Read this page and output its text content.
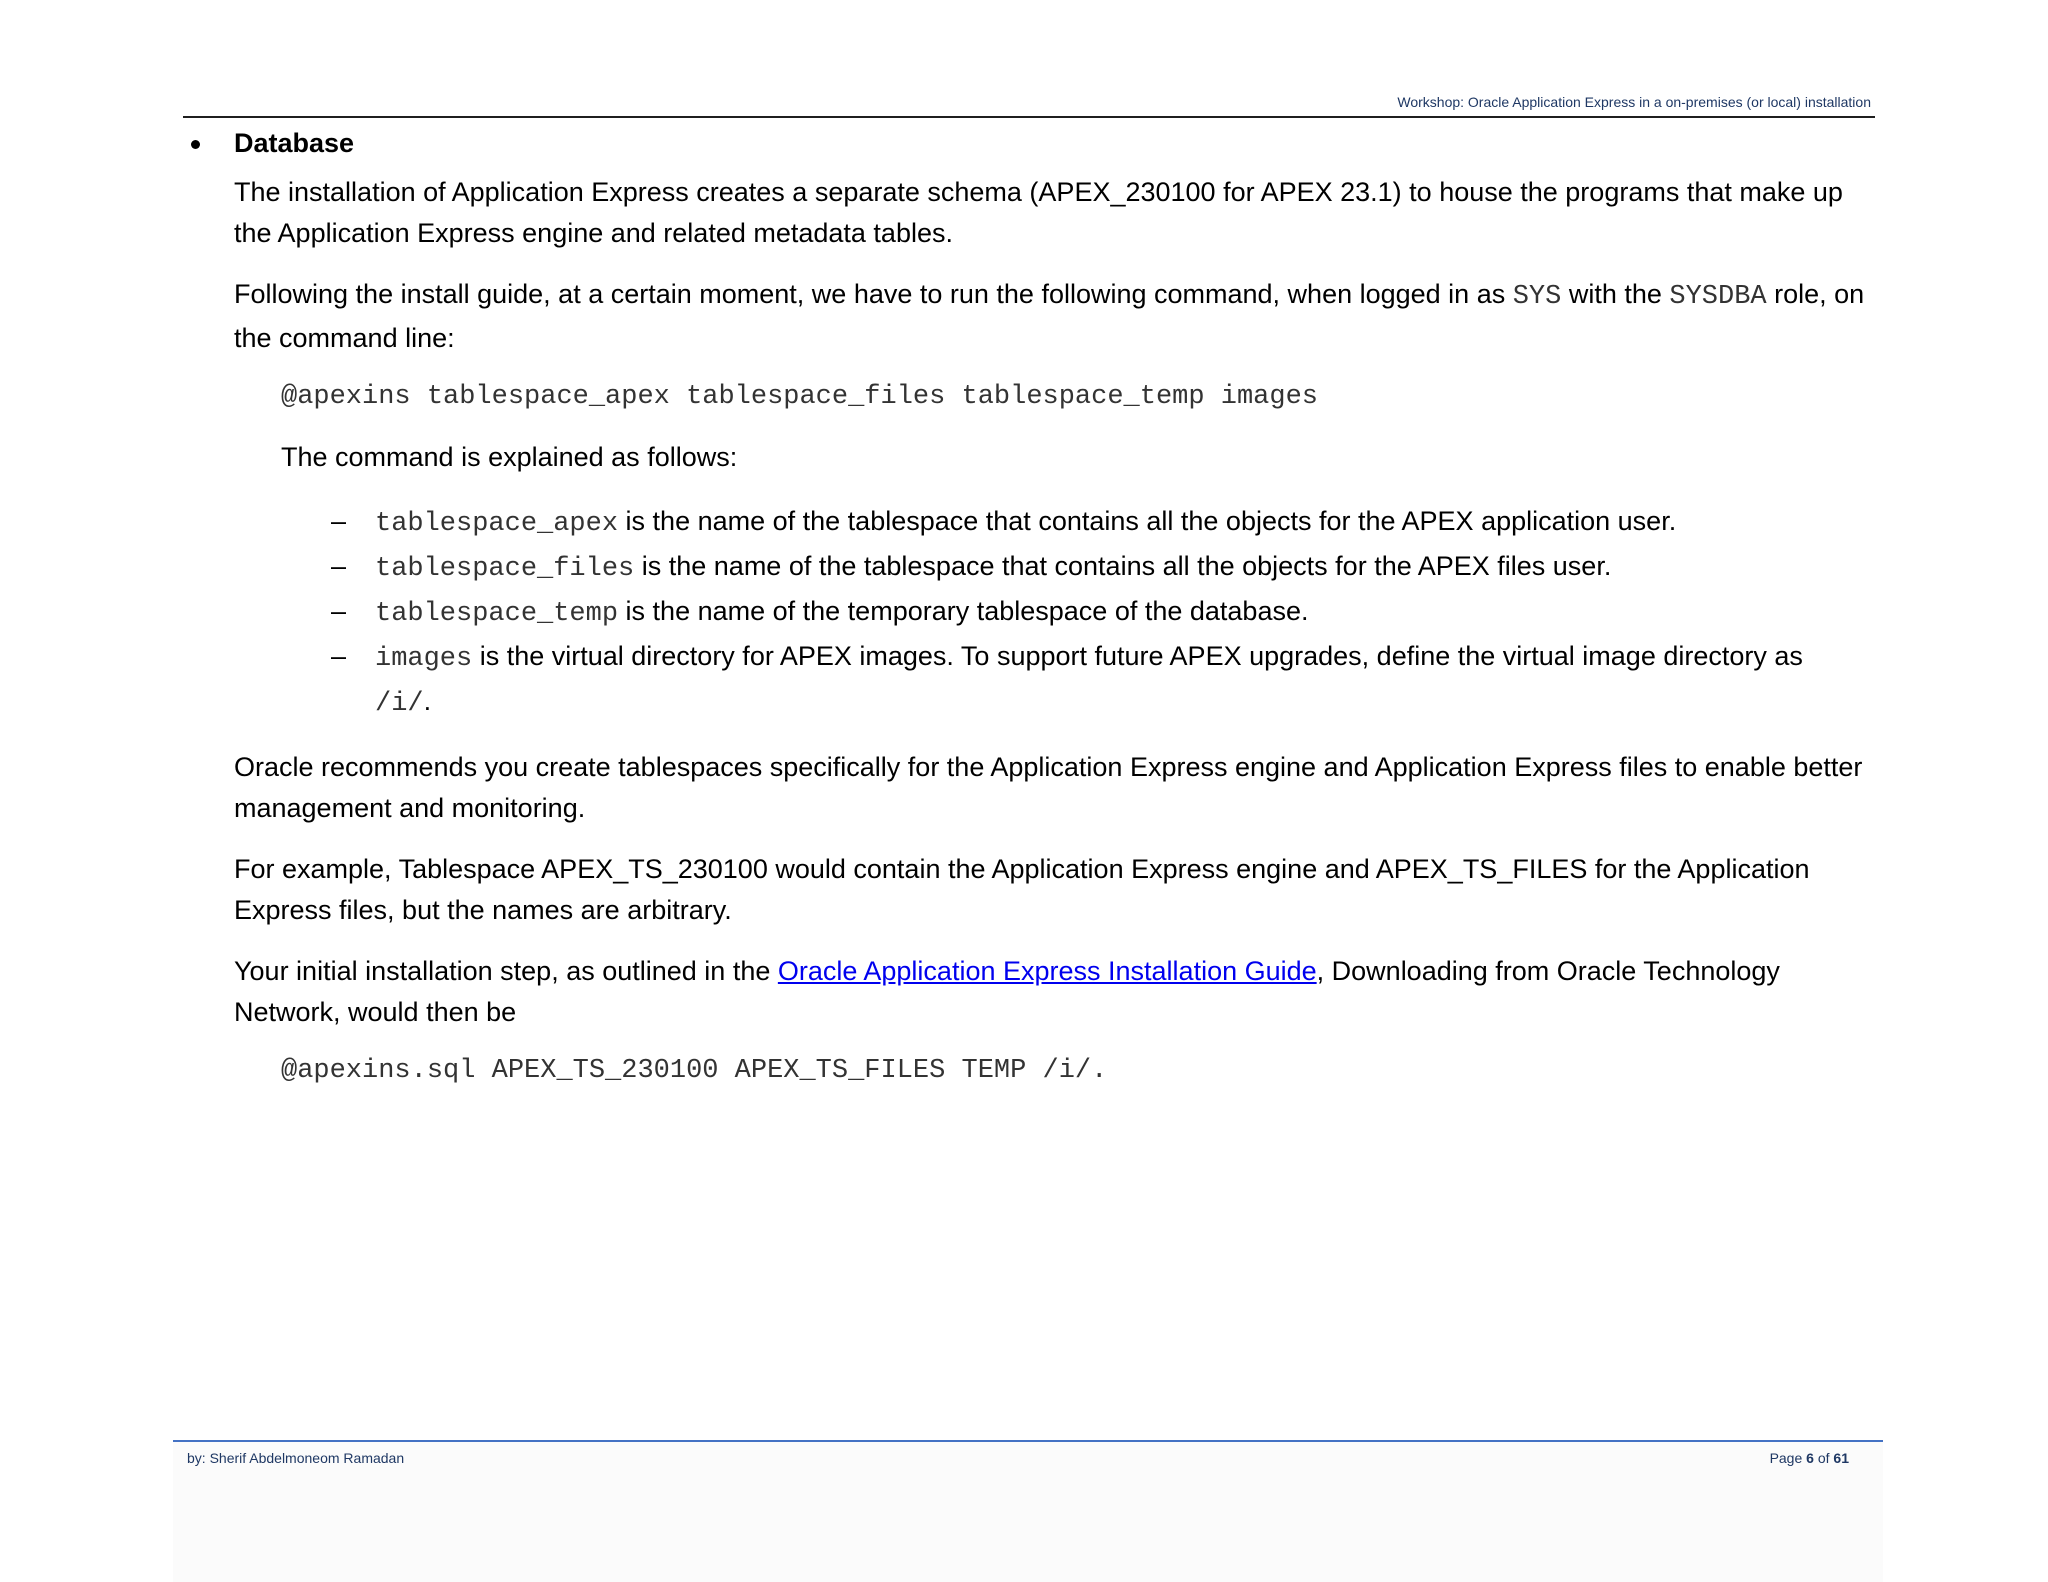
Workshop: Oracle Application Express in a on-premises (or local) installation
Database

The installation of Application Express creates a separate schema (APEX_230100 for APEX 23.1) to house the programs that make up the Application Express engine and related metadata tables.

Following the install guide, at a certain moment, we have to run the following command, when logged in as SYS with the SYSDBA role, on the command line:

@apexins tablespace_apex tablespace_files tablespace_temp images
The command is explained as follows:
– tablespace_apex is the name of the tablespace that contains all the objects for the APEX application user.
– tablespace_files is the name of the tablespace that contains all the objects for the APEX files user.
– tablespace_temp is the name of the temporary tablespace of the database.
– images is the virtual directory for APEX images. To support future APEX upgrades, define the virtual image directory as /i/.

Oracle recommends you create tablespaces specifically for the Application Express engine and Application Express files to enable better management and monitoring.

For example, Tablespace APEX_TS_230100 would contain the Application Express engine and APEX_TS_FILES for the Application Express files, but the names are arbitrary.

Your initial installation step, as outlined in the Oracle Application Express Installation Guide, Downloading from Oracle Technology Network, would then be

@apexins.sql APEX_TS_230100 APEX_TS_FILES TEMP /i/.
by: Sherif Abdelmoneom Ramadan	Page 6 of 61
